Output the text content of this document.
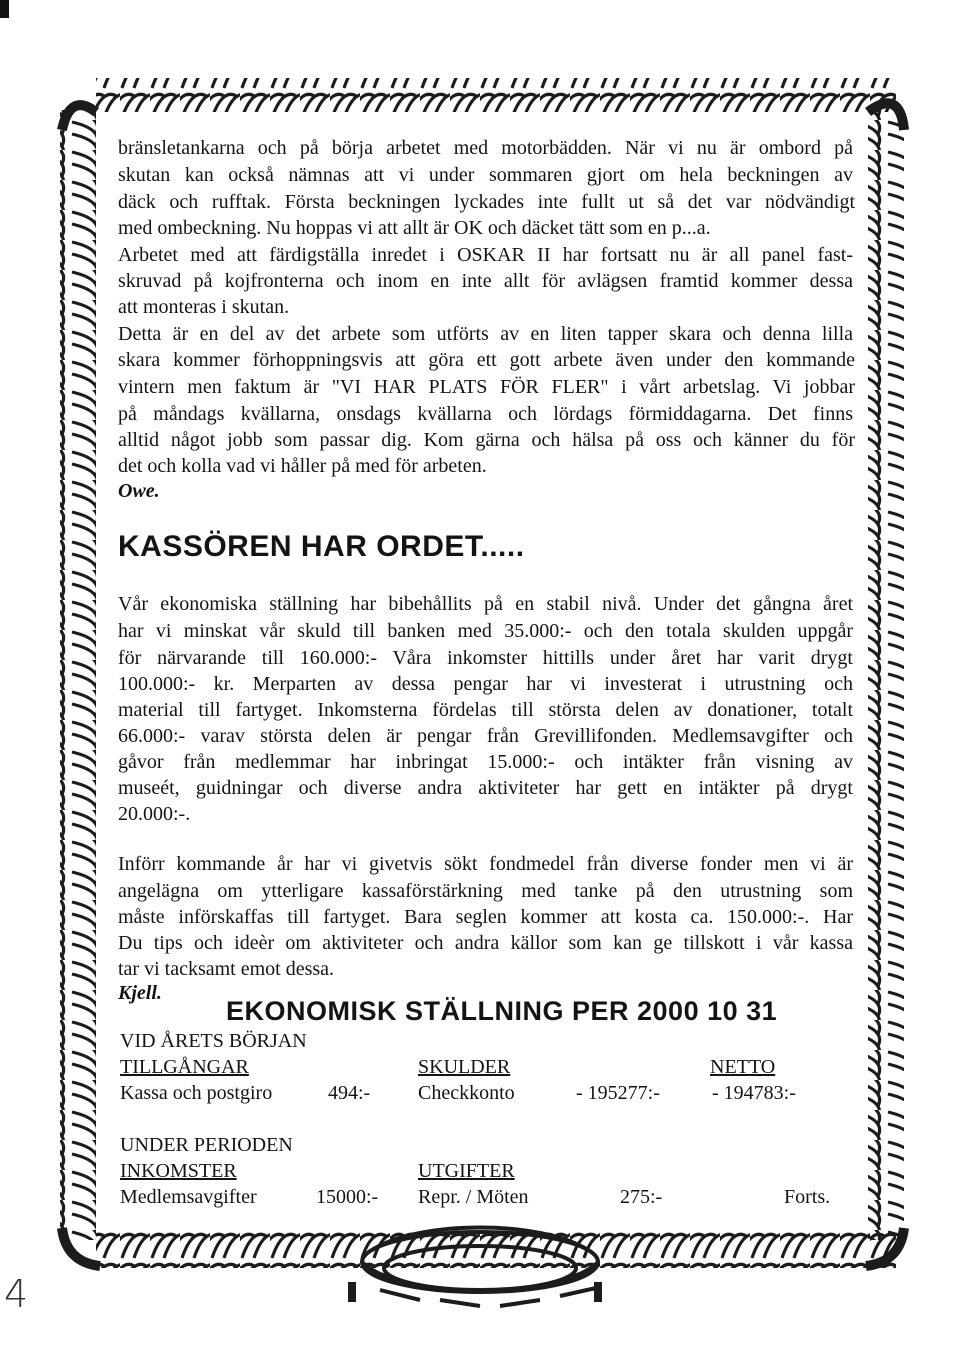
4
bränsletankarna och på börja arbetet med motorbädden. När vi nu är ombord på
skutan kan också nämnas att vi under sommaren gjort om hela beckningen av
däck och rufftak. Första beckningen lyckades inte fullt ut så det var nödvändigt
med ombeckning. Nu hoppas vi att allt är OK och däcket tätt som en p...a.
Arbetet med att färdigställa inredet i OSKAR II har fortsatt nu är all panel fast-
skruvad på kojfronterna och inom en inte allt för avlägsen framtid kommer dessa
att monteras i skutan.
Detta är en del av det arbete som utförts av en liten tapper skara och denna lilla
skara kommer förhoppningsvis att göra ett gott arbete även under den kommande
vintern men faktum är "VI HAR PLATS FÖR FLER" i vårt arbetslag. Vi jobbar
på måndags kvällarna, onsdags kvällarna och lördags förmiddagarna. Det finns
alltid något jobb som passar dig. Kom gärna och hälsa på oss och känner du för
det och kolla vad vi håller på med för arbeten.
Owe.
KASSÖREN HAR ORDET.....
Vår ekonomiska ställning har bibehållits på en stabil nivå. Under det gångna året
har vi minskat vår skuld till banken med 35.000:- och den totala skulden uppgår
för närvarande till 160.000:- Våra inkomster hittills under året har varit drygt
100.000:- kr. Merparten av dessa pengar har vi investerat i utrustning och
material till fartyget. Inkomsterna fördelas till största delen av donationer, totalt
66.000:- varav största delen är pengar från Grevillifonden. Medlemsavgifter och
gåvor från medlemmar har inbringat 15.000:- och intäkter från visning av
museét, guidningar och diverse andra aktiviteter har gett en intäkter på drygt
20.000:-.
Införr kommande år har vi givetvis sökt fondmedel från diverse fonder men vi är
angelägna om ytterligare kassaförstärkning med tanke på den utrustning som
måste införskaffas till fartyget. Bara seglen kommer att kosta ca. 150.000:-. Har
Du tips och ideèr om aktiviteter och andra källor som kan ge tillskott i vår kassa
tar vi tacksamt emot dessa.
Kjell.
EKONOMISK STÄLLNING PER 2000 10 31
VID ÅRETS BÖRJAN
TILLGÅNGAR	SKULDER	NETTO
Kassa och postgiro	494:- Checkkonto	- 195277:-	- 194783:-
UNDER PERIODEN
INKOMSTER	UTGIFTER
Medlemsavgifter	15000:- Repr. / Möten	275:-	Forts.
